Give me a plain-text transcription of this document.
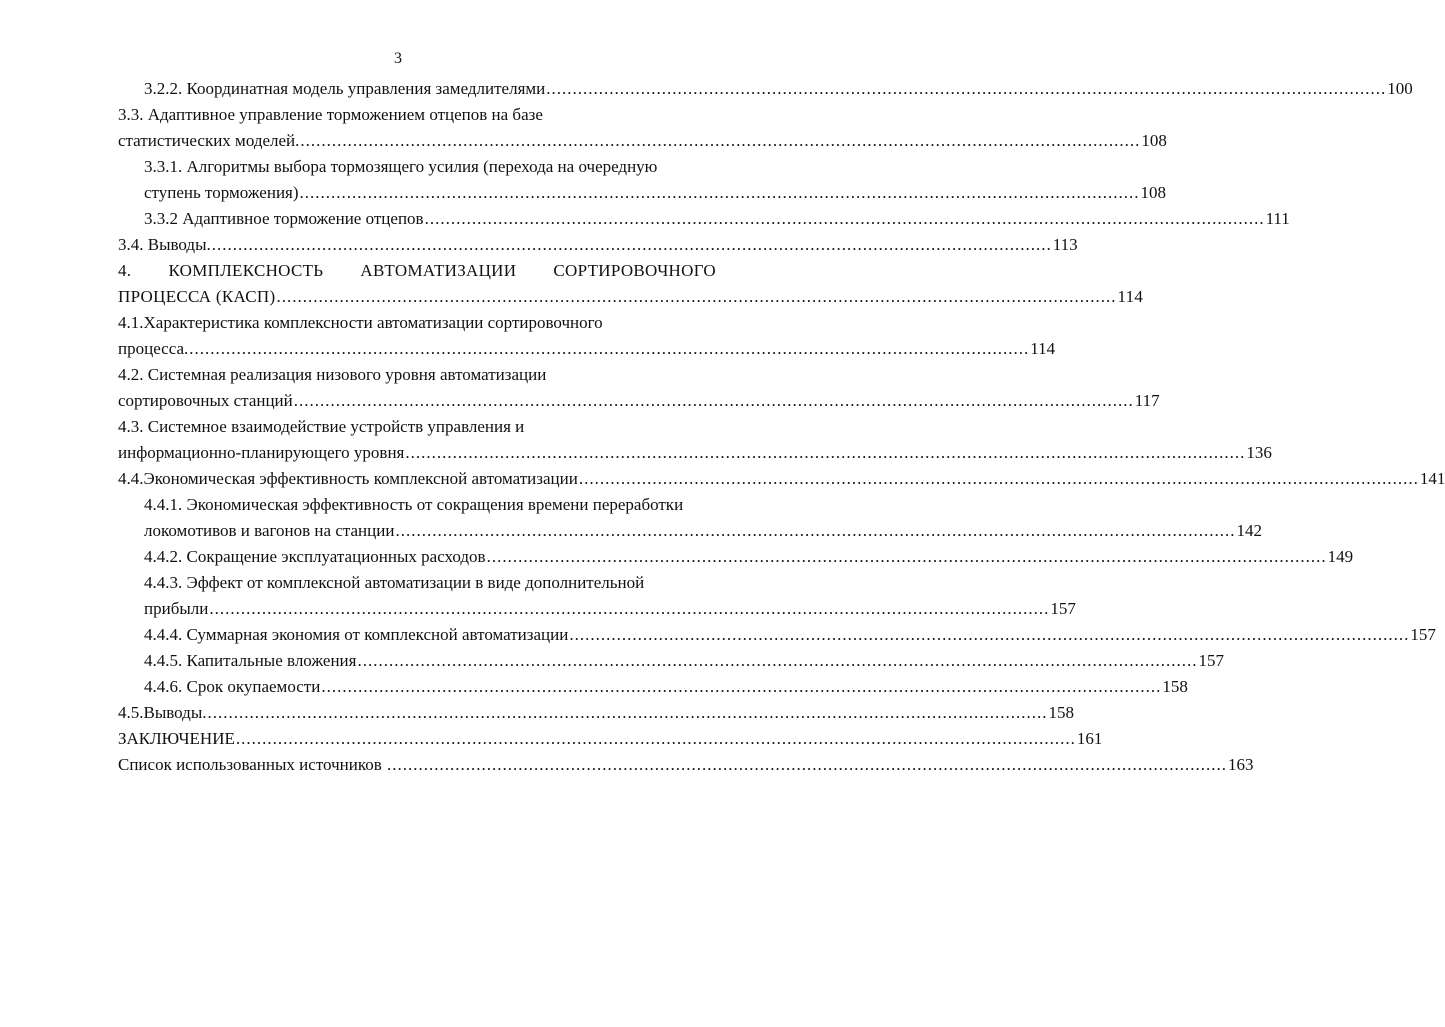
3
3.2.2. Координатная модель управления замедлителями ................................................................................................................................................................ 100
3.3. Адаптивное управление торможением отцепов на базе
статистических моделей. ................................................................................................................................................................ 108
3.3.1. Алгоритмы выбора тормозящего усилия (перехода на очередную
ступень торможения) ................................................................................................................................................................ 108
3.3.2 Адаптивное торможение отцепов ................................................................................................................................................................ 111
3.4. Выводы. ................................................................................................................................................................ 113
4. КОМПЛЕКСНОСТЬ АВТОМАТИЗАЦИИ СОРТИРОВОЧНОГО
ПРОЦЕССА (КАСП) ................................................................................................................................................................ 114
4.1.Характеристика комплексности автоматизации сортировочного
процесса. ................................................................................................................................................................ 114
4.2. Системная реализация низового уровня автоматизации
сортировочных станций ................................................................................................................................................................ 117
4.3. Системное взаимодействие устройств управления и
информационно-планирующего уровня ................................................................................................................................................................ 136
4.4.Экономическая эффективность комплексной автоматизации ................................................................................................................................................................ 141
4.4.1. Экономическая эффективность от сокращения времени переработки
локомотивов и вагонов на станции ................................................................................................................................................................ 142
4.4.2. Сокращение эксплуатационных расходов ................................................................................................................................................................ 149
4.4.3. Эффект от комплексной автоматизации в виде дополнительной
прибыли ................................................................................................................................................................ 157
4.4.4. Суммарная экономия от комплексной автоматизации ................................................................................................................................................................ 157
4.4.5. Капитальные вложения ................................................................................................................................................................ 157
4.4.6. Срок окупаемости ................................................................................................................................................................ 158
4.5.Выводы. ................................................................................................................................................................ 158
ЗАКЛЮЧЕНИЕ ................................................................................................................................................................ 161
Список использованных источников ................................................................................................................................................................ 163
